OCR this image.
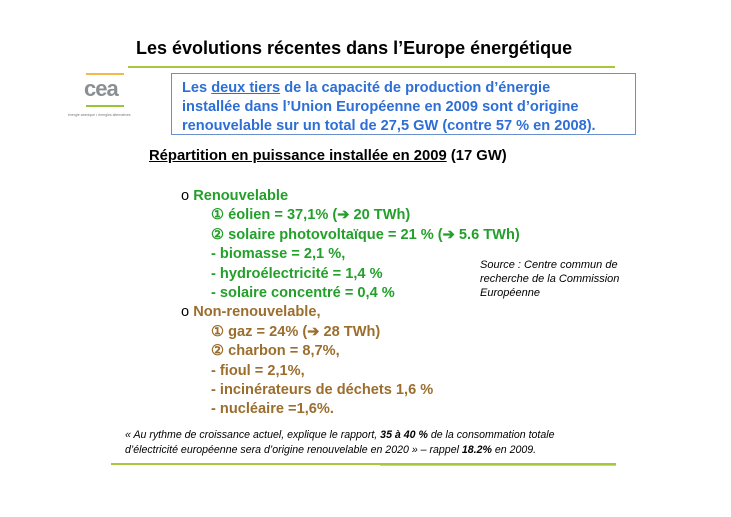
Les évolutions récentes dans l’Europe énergétique
cea
énergie atomique • énergies alternatives
Les deux tiers de la capacité de production d’énergie
installée dans l’Union Européenne en 2009 sont d’origine
renouvelable sur un total de 27,5 GW (contre 57 % en 2008).
Répartition en puissance installée en 2009 (17 GW)
o Renouvelable
① éolien = 37,1% (➔ 20 TWh)
② solaire photovoltaïque = 21 % (➔ 5.6 TWh)
- biomasse = 2,1 %,
- hydroélectricité = 1,4 %
- solaire concentré = 0,4 %
o Non-renouvelable,
① gaz = 24% (➔ 28 TWh)
② charbon = 8,7%,
- fioul = 2,1%,
- incinérateurs de déchets 1,6 %
- nucléaire =1,6%.
Source : Centre commun de
recherche de la Commission
Européenne
« Au rythme de croissance actuel, explique le rapport, 35 à 40 % de la consommation totale
d’électricité européenne sera d’origine renouvelable en 2020 » – rappel 18.2% en 2009.
